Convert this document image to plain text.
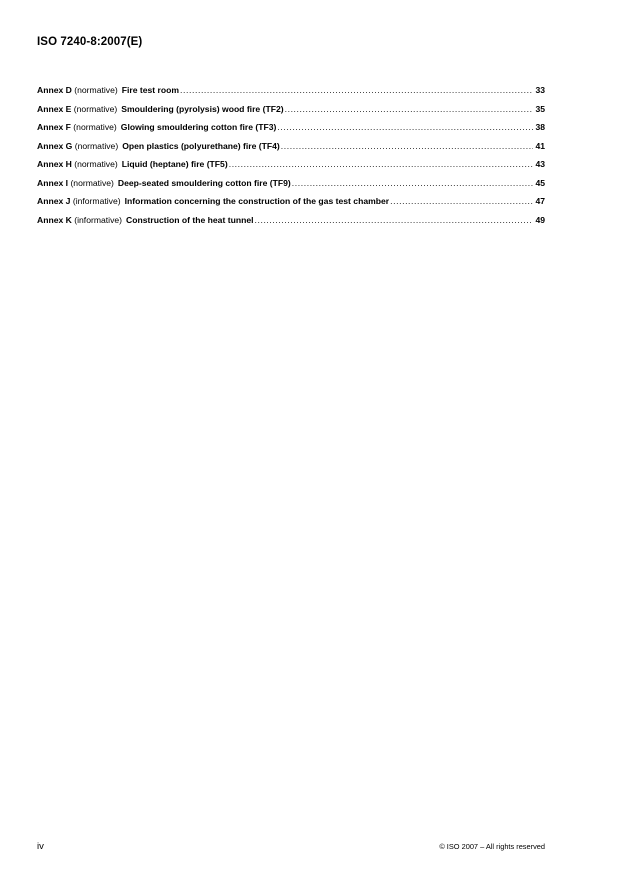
ISO 7240-8:2007(E)
Annex D (normative) Fire test room .....	33
Annex E (normative) Smouldering (pyrolysis) wood fire (TF2) .....	35
Annex F (normative) Glowing smouldering cotton fire (TF3) .....	38
Annex G (normative) Open plastics (polyurethane) fire (TF4) .....	41
Annex H (normative) Liquid (heptane) fire (TF5) .....	43
Annex I (normative) Deep-seated smouldering cotton fire (TF9) .....	45
Annex J (informative) Information concerning the construction of the gas test chamber .....	47
Annex K (informative) Construction of the heat tunnel .....	49
iv	© ISO 2007 – All rights reserved
